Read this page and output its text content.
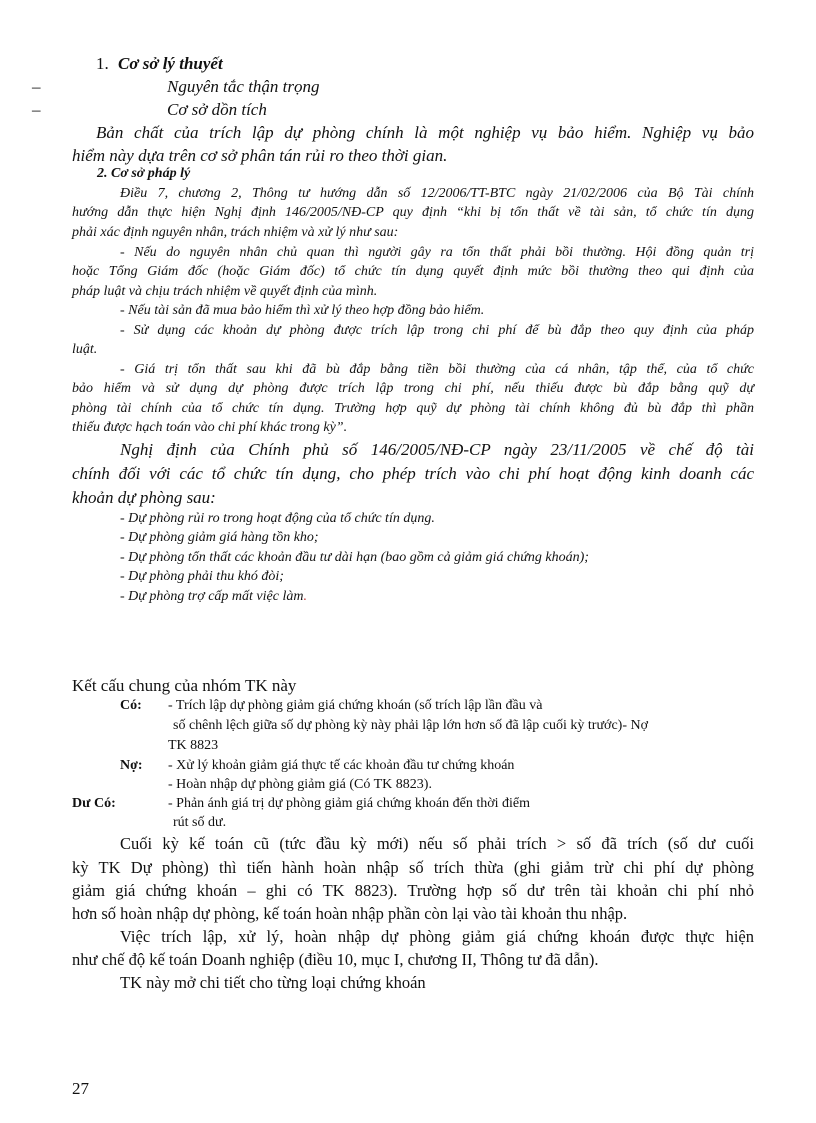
1. Cơ sở lý thuyết
–	Nguyên tắc thận trọng
–	Cơ sở dồn tích
Bản chất của trích lập dự phòng chính là một nghiệp vụ bảo hiểm. Nghiệp vụ bảo
hiểm này dựa trên cơ sở phân tán rủi ro theo thời gian.
2. Cơ sở pháp lý
Điều 7, chương 2, Thông tư hướng dẫn số 12/2006/TT-BTC ngày 21/02/2006 của Bộ Tài chính
hướng dẫn thực hiện Nghị định 146/2005/NĐ-CP quy định “khi bị tổn thất về tài sản, tổ chức tín dụng
phải xác định nguyên nhân, trách nhiệm và xử lý như sau:
- Nếu do nguyên nhân chủ quan thì người gây ra tổn thất phải bồi thường. Hội đồng quản trị
hoặc Tổng Giám đốc (hoặc Giám đốc) tổ chức tín dụng quyết định mức bồi thường theo qui định của
pháp luật và chịu trách nhiệm về quyết định của mình.
- Nếu tài sản đã mua bảo hiểm thì xử lý theo hợp đồng bảo hiểm.
- Sử dụng các khoản dự phòng được trích lập trong chi phí để bù đắp theo quy định của pháp
luật.
- Giá trị tổn thất sau khi đã bù đắp bằng tiền bồi thường của cá nhân, tập thể, của tổ chức
bảo hiểm và sử dụng dự phòng được trích lập trong chi phí, nếu thiếu được bù đắp bằng quỹ dự
phòng tài chính của tổ chức tín dụng. Trường hợp quỹ dự phòng tài chính không đủ bù đắp thì phần
thiếu được hạch toán vào chi phí khác trong kỳ”.
Nghị định của Chính phủ số 146/2005/NĐ-CP ngày 23/11/2005 về chế độ tài
chính đối với các tổ chức tín dụng, cho phép trích vào chi phí hoạt động kinh doanh các
khoản dự phòng sau:
- Dự phòng rủi ro trong hoạt động của tổ chức tín dụng.
- Dự phòng giảm giá hàng tồn kho;
- Dự phòng tổn thất các khoản đầu tư dài hạn (bao gồm cả giảm giá chứng khoán);
- Dự phòng phải thu khó đòi;
- Dự phòng trợ cấp mất việc làm.
Kết cấu chung của nhóm TK này
Có: - Trích lập dự phòng giảm giá chứng khoán (số trích lập lần đầu và
số chênh lệch giữa số dự phòng kỳ này phải lập lớn hơn số đã lập cuối kỳ trước)- Nợ
TK 8823
Nợ: - Xử lý khoản giảm giá thực tế các khoản đầu tư chứng khoán
- Hoàn nhập dự phòng giảm giá (Có TK 8823).
Dư Có:	- Phản ánh giá trị dự phòng giảm giá chứng khoán đến thời điểm
rút số dư.
Cuối kỳ kế toán cũ (tức đầu kỳ mới) nếu số phải trích > số đã trích (số dư cuối
kỳ TK Dự phòng) thì tiến hành hoàn nhập số trích thừa (ghi giảm trừ chi phí dự phòng
giảm giá chứng khoán – ghi có TK 8823). Trường hợp số dư trên tài khoản chi phí nhỏ
hơn số hoàn nhập dự phòng, kế toán hoàn nhập phần còn lại vào tài khoản thu nhập.
Việc trích lập, xử lý, hoàn nhập dự phòng giảm giá chứng khoán được thực hiện
như chế độ kế toán Doanh nghiệp (điều 10, mục I, chương II, Thông tư đã dẫn).
TK này mở chi tiết cho từng loại chứng khoán
27
